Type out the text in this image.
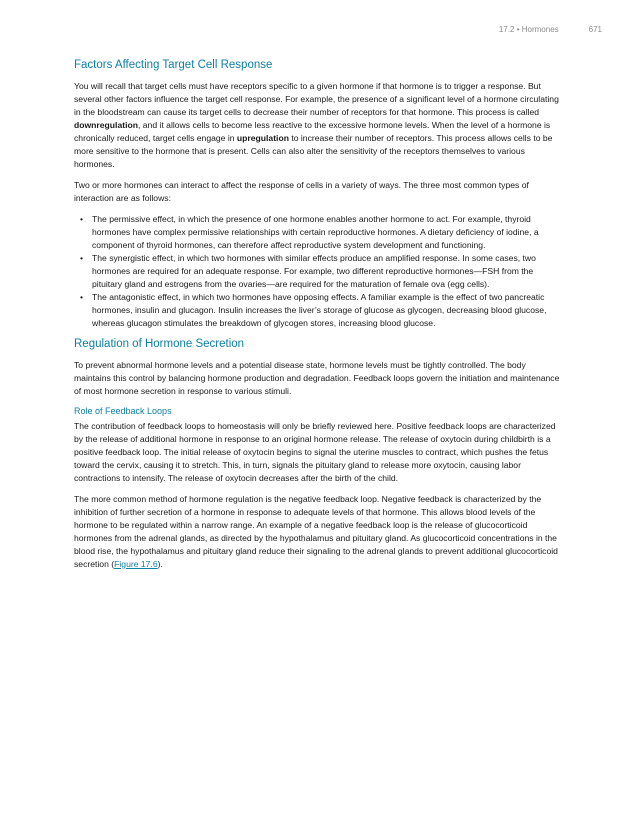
17.2 • Hormones	671
Factors Affecting Target Cell Response

You will recall that target cells must have receptors specific to a given hormone if that hormone is to trigger a response. But several other factors influence the target cell response. For example, the presence of a significant level of a hormone circulating in the bloodstream can cause its target cells to decrease their number of receptors for that hormone. This process is called downregulation, and it allows cells to become less reactive to the excessive hormone levels. When the level of a hormone is chronically reduced, target cells engage in upregulation to increase their number of receptors. This process allows cells to be more sensitive to the hormone that is present. Cells can also alter the sensitivity of the receptors themselves to various hormones.

Two or more hormones can interact to affect the response of cells in a variety of ways. The three most common types of interaction are as follows:

• The permissive effect, in which the presence of one hormone enables another hormone to act. For example, thyroid hormones have complex permissive relationships with certain reproductive hormones. A dietary deficiency of iodine, a component of thyroid hormones, can therefore affect reproductive system development and functioning.
• The synergistic effect, in which two hormones with similar effects produce an amplified response. In some cases, two hormones are required for an adequate response. For example, two different reproductive hormones—FSH from the pituitary gland and estrogens from the ovaries—are required for the maturation of female ova (egg cells).
• The antagonistic effect, in which two hormones have opposing effects. A familiar example is the effect of two pancreatic hormones, insulin and glucagon. Insulin increases the liver’s storage of glucose as glycogen, decreasing blood glucose, whereas glucagon stimulates the breakdown of glycogen stores, increasing blood glucose.
Regulation of Hormone Secretion

To prevent abnormal hormone levels and a potential disease state, hormone levels must be tightly controlled. The body maintains this control by balancing hormone production and degradation. Feedback loops govern the initiation and maintenance of most hormone secretion in response to various stimuli.

Role of Feedback Loops

The contribution of feedback loops to homeostasis will only be briefly reviewed here. Positive feedback loops are characterized by the release of additional hormone in response to an original hormone release. The release of oxytocin during childbirth is a positive feedback loop. The initial release of oxytocin begins to signal the uterine muscles to contract, which pushes the fetus toward the cervix, causing it to stretch. This, in turn, signals the pituitary gland to release more oxytocin, causing labor contractions to intensify. The release of oxytocin decreases after the birth of the child.

The more common method of hormone regulation is the negative feedback loop. Negative feedback is characterized by the inhibition of further secretion of a hormone in response to adequate levels of that hormone. This allows blood levels of the hormone to be regulated within a narrow range. An example of a negative feedback loop is the release of glucocorticoid hormones from the adrenal glands, as directed by the hypothalamus and pituitary gland. As glucocorticoid concentrations in the blood rise, the hypothalamus and pituitary gland reduce their signaling to the adrenal glands to prevent additional glucocorticoid secretion (Figure 17.6).
